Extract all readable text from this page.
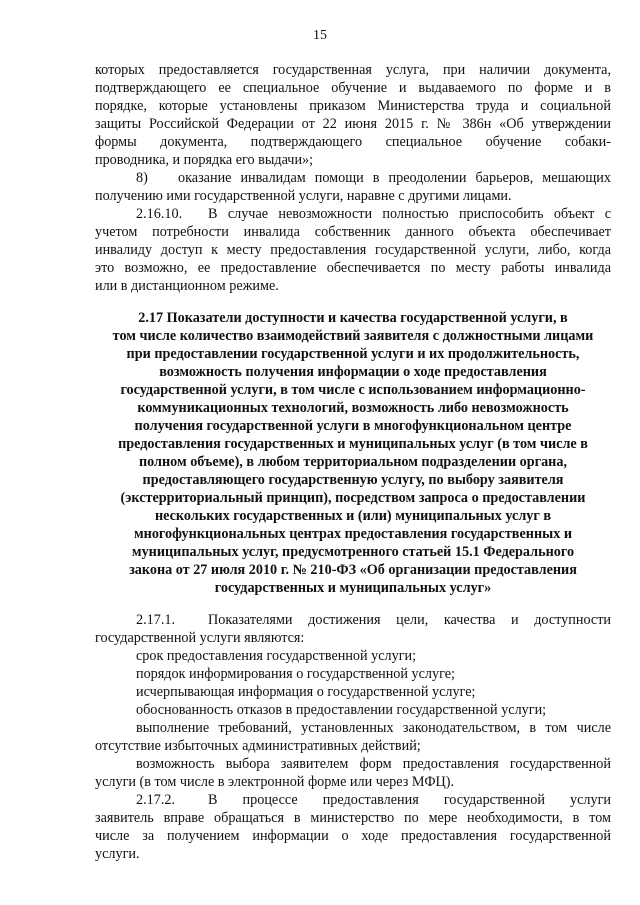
15
которых предоставляется государственная услуга, при наличии документа,
подтверждающего ее специальное обучение и выдаваемого по форме и в
порядке, которые установлены приказом Министерства труда и социальной
защиты Российской Федерации от 22 июня 2015 г. № 386н «Об утверждении
формы документа, подтверждающего специальное обучение собаки-
проводника, и порядка его выдачи»;
8) оказание инвалидам помощи в преодолении барьеров, мешающих
получению ими государственной услуги, наравне с другими лицами.
2.16.10. В случае невозможности полностью приспособить объект с
учетом потребности инвалида собственник данного объекта обеспечивает
инвалиду доступ к месту предоставления государственной услуги, либо, когда
это возможно, ее предоставление обеспечивается по месту работы инвалида
или в дистанционном режиме.
2.17 Показатели доступности и качества государственной услуги, в
том числе количество взаимодействий заявителя с должностными лицами
при предоставлении государственной услуги и их продолжительность,
возможность получения информации о ходе предоставления
государственной услуги, в том числе с использованием информационно-
коммуникационных технологий, возможность либо невозможность
получения государственной услуги в многофункциональном центре
предоставления государственных и муниципальных услуг (в том числе в
полном объеме), в любом территориальном подразделении органа,
предоставляющего государственную услугу, по выбору заявителя
(экстерриториальный принцип), посредством запроса о предоставлении
нескольких государственных и (или) муниципальных услуг в
многофункциональных центрах предоставления государственных и
муниципальных услуг, предусмотренного статьей 15.1 Федерального
закона от 27 июля 2010 г. № 210-ФЗ «Об организации предоставления
государственных и муниципальных услуг»
2.17.1. Показателями достижения цели, качества и доступности
государственной услуги являются:
срок предоставления государственной услуги;
порядок информирования о государственной услуге;
исчерпывающая информация о государственной услуге;
обоснованность отказов в предоставлении государственной услуги;
выполнение требований, установленных законодательством, в том числе
отсутствие избыточных административных действий;
возможность выбора заявителем форм предоставления государственной
услуги (в том числе в электронной форме или через МФЦ).
2.17.2. В процессе предоставления государственной услуги
заявитель вправе обращаться в министерство по мере необходимости, в том
числе за получением информации о ходе предоставления государственной
услуги.
